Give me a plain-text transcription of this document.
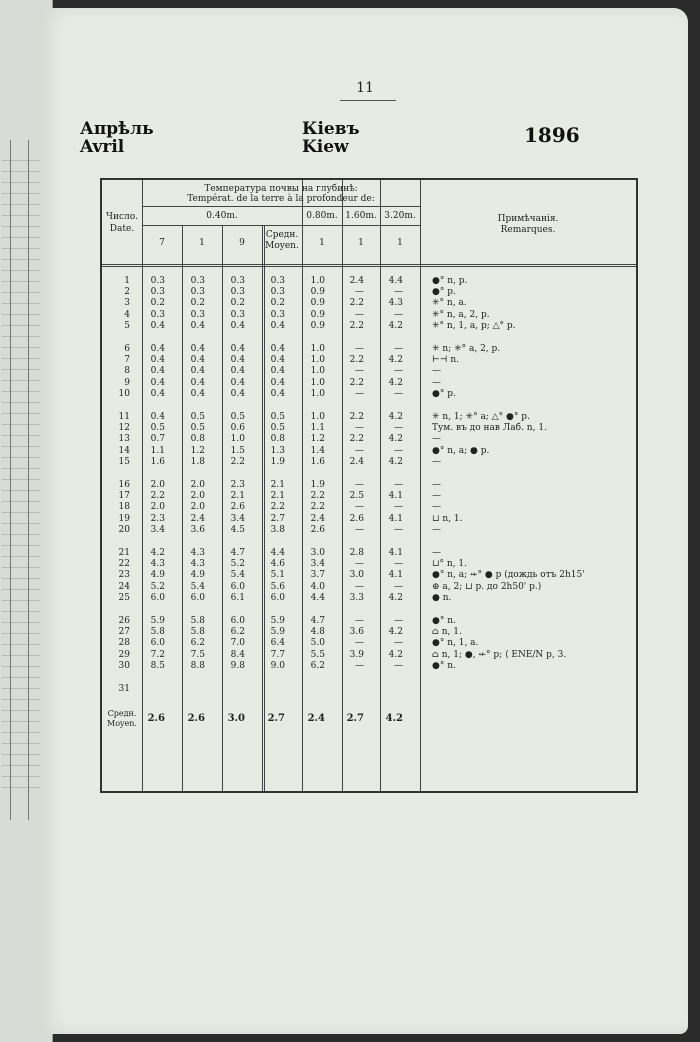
11
Апрѣль
Avril
Кіевъ
Kiew	1896
Число.
Date.
Температура почвы на глубинѣ:
Températ. de la terre à la profondeur de:
0.40m.	0.80m. 1.60m. 3.20m.
7	1	9
Средн.
Moyen.	1	1	1
Примѣчанія.
Remarques.
1	0.3	0.3	0.3	0.3	1.0	2.4	4.4	●° n, p.
2	0.3	0.3	0.3	0.3	0.9	—	—	●° p.
3	0.2	0.2	0.2	0.2	0.9	2.2	4.3	✳° n, a.
4	0.3	0.3	0.3	0.3	0.9	—	—	✳° n, a, 2, p.
5	0.4	0.4	0.4	0.4	0.9	2.2	4.2	✳° n, 1, a, p; △° p.
6	0.4	0.4	0.4	0.4	1.0	—	—	✳ n; ✳° a, 2, p.
7	0.4	0.4	0.4	0.4	1.0	2.2	4.2	⊢⊣ n.
8	0.4	0.4	0.4	0.4	1.0	—	—	—
9	0.4	0.4	0.4	0.4	1.0	2.2	4.2	—
10	0.4	0.4	0.4	0.4	1.0	—	—	●° p.
11	0.4	0.5	0.5	0.5	1.0	2.2	4.2	✳ n, 1; ✳° a; △° ●° p.
12	0.5	0.5	0.6	0.5	1.1	—	—	Тум. въ до нав Лаб. n, 1.
13	0.7	0.8	1.0	0.8	1.2	2.2	4.2	—
14	1.1	1.2	1.5	1.3	1.4	—	—	●° n, a; ● p.
15	1.6	1.8	2.2	1.9	1.6	2.4	4.2	—
16	2.0	2.0	2.3	2.1	1.9	—	—	—
17	2.2	2.0	2.1	2.1	2.2	2.5	4.1	—
18	2.0	2.0	2.6	2.2	2.2	—	—	—
19	2.3	2.4	3.4	2.7	2.4	2.6	4.1	⊔ n, 1.
20	3.4	3.6	4.5	3.8	2.6	—	—	—
21	4.2	4.3	4.7	4.4	3.0	2.8	4.1	—
22	4.3	4.3	5.2	4.6	3.4	—	—	⊔° n, 1.
23	4.9	4.9	5.4	5.1	3.7	3.0	4.1	●° n, a; ⇷° ● p (дождь отъ 2h15'
24	5.2	5.4	6.0	5.6	4.0	—	—	⊕ a, 2; ⊔ p. до 2h50' p.)
25	6.0	6.0	6.1	6.0	4.4	3.3	4.2	● n.
26	5.9	5.8	6.0	5.9	4.7	—	—	●° n.
27	5.8	5.8	6.2	5.9	4.8	3.6	4.2	⌂ n, 1.
28	6.0	6.2	7.0	6.4	5.0	—	—	●° n, 1, a.
29	7.2	7.5	8.4	7.7	5.5	3.9	4.2	⌂ n, 1; ●, ⇷° p; ⟨ ENE/N p, 3.
30	8.5	8.8	9.8	9.0	6.2	—	—	●° n.
31
Средн.
Moyen.	2.6	2.6	3.0	2.7	2.4	2.7	4.2
